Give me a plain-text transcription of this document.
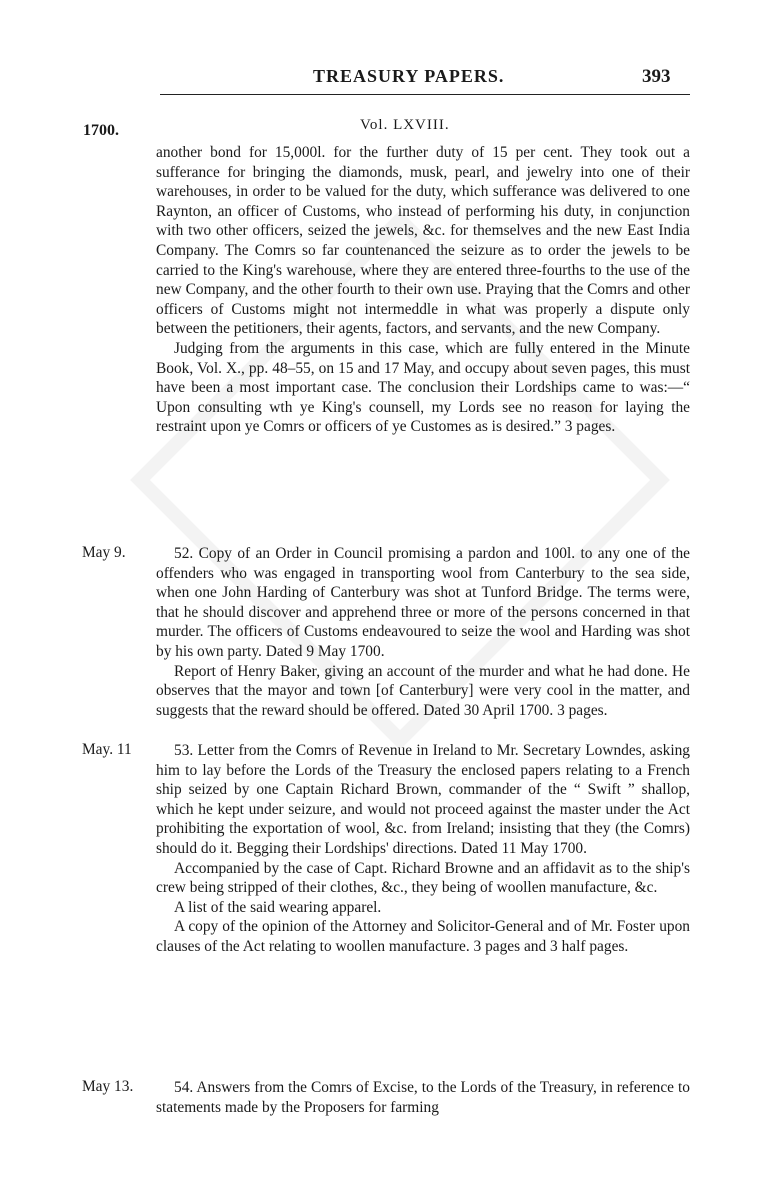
TREASURY PAPERS.	393
1700.	Vol. LXVIII.

another bond for 15,000l. for the further duty of 15 per cent. They took out a sufferance for bringing the diamonds, musk, pearl, and jewelry into one of their warehouses, in order to be valued for the duty, which sufferance was delivered to one Raynton, an officer of Customs, who instead of performing his duty, in conjunction with two other officers, seized the jewels, &c. for themselves and the new East India Company. The Comrs so far countenanced the seizure as to order the jewels to be carried to the King's warehouse, where they are entered three-fourths to the use of the new Company, and the other fourth to their own use. Praying that the Comrs and other officers of Customs might not intermeddle in what was properly a dispute only between the petitioners, their agents, factors, and servants, and the new Company.

Judging from the arguments in this case, which are fully entered in the Minute Book, Vol. X., pp. 48–55, on 15 and 17 May, and occupy about seven pages, this must have been a most important case. The conclusion their Lordships came to was:—“ Upon consulting wth ye King's counsell, my Lords see no reason for laying the restraint upon ye Comrs or officers of ye Customes as is desired.” 3 pages.

May 9.	52. Copy of an Order in Council promising a pardon and 100l. to any one of the offenders who was engaged in transporting wool from Canterbury to the sea side, when one John Harding of Canterbury was shot at Tunford Bridge. The terms were, that he should discover and apprehend three or more of the persons concerned in that murder. The officers of Customs endeavoured to seize the wool and Harding was shot by his own party. Dated 9 May 1700.

Report of Henry Baker, giving an account of the murder and what he had done. He observes that the mayor and town [of Canterbury] were very cool in the matter, and suggests that the reward should be offered. Dated 30 April 1700. 3 pages.

May. 11	53. Letter from the Comrs of Revenue in Ireland to Mr. Secretary Lowndes, asking him to lay before the Lords of the Treasury the enclosed papers relating to a French ship seized by one Captain Richard Brown, commander of the “ Swift ” shallop, which he kept under seizure, and would not proceed against the master under the Act prohibiting the exportation of wool, &c. from Ireland; insisting that they (the Comrs) should do it. Begging their Lordships' directions. Dated 11 May 1700.

Accompanied by the case of Capt. Richard Browne and an affidavit as to the ship's crew being stripped of their clothes, &c., they being of woollen manufacture, &c.

A list of the said wearing apparel.

A copy of the opinion of the Attorney and Solicitor-General and of Mr. Foster upon clauses of the Act relating to woollen manufacture. 3 pages and 3 half pages.

May 13.	54. Answers from the Comrs of Excise, to the Lords of the Treasury, in reference to statements made by the Proposers for farming
